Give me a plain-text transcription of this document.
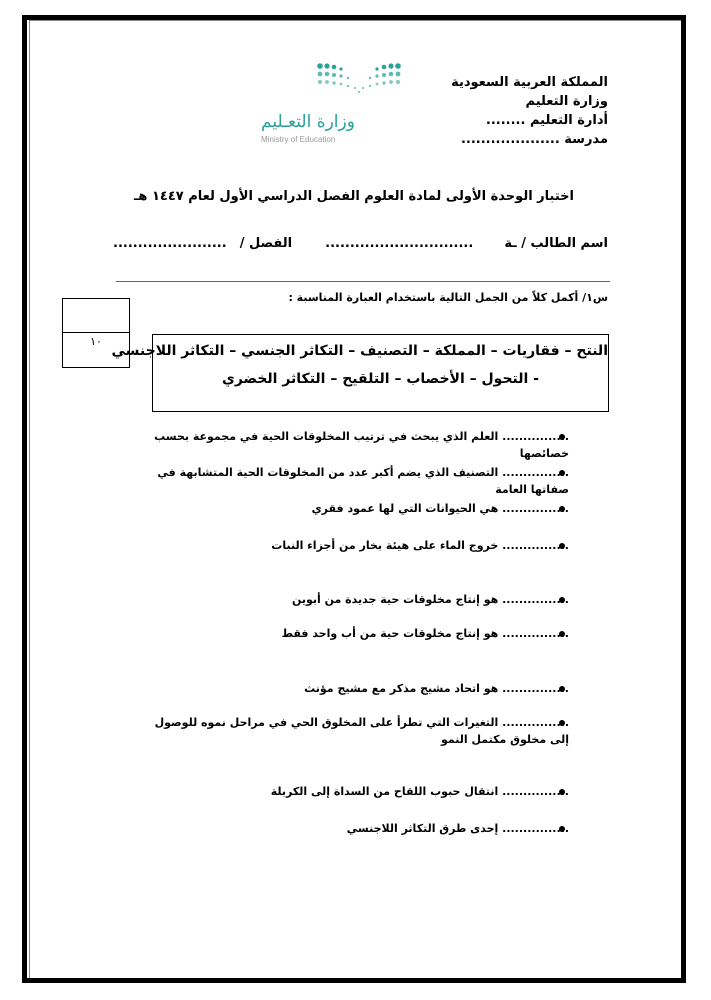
المملكة العربية السعودية
وزارة التعليم
أدارة التعليم ........
مدرسة ....................
وزارة التعـليم
Ministry of Education
اختبار الوحدة الأولى لمادة العلوم الفصل الدراسي الأول لعام ١٤٤٧ هـ
اسم الطالب / ـة  ..............................  الفصل /  .......................
س١/ أكمل كلاً من الجمل التالية باستخدام العبارة المناسبة :
١٠
النتح – فقاريات – المملكة – التصنيف – التكاثر الجنسي – التكاثر اللاجنسي
- التحول – الأخصاب – التلقيح – التكاثر الخضري
................ العلم الذي يبحث في ترتيب المخلوقات الحية في مجموعة بحسب خصائصها
................ التصنيف الذي يضم أكبر عدد من المخلوقات الحية المتشابهة في صفاتها العامة
................ هي الحيوانات التي لها عمود فقري
................ خروج الماء على هيئة بخار من أجزاء النبات
................ هو إنتاج مخلوقات حية جديدة من أبوين
................ هو إنتاج مخلوقات حية من أب واحد فقط
................ هو اتحاد مشيج مذكر مع مشيج مؤنث
................ التغيرات التي تطرأ على المخلوق الحي في مراحل نموه للوصول إلى مخلوق مكتمل النمو
................ انتقال حبوب اللقاح من السداة إلى الكربلة
................ إحدى طرق التكاثر اللاجنسي
